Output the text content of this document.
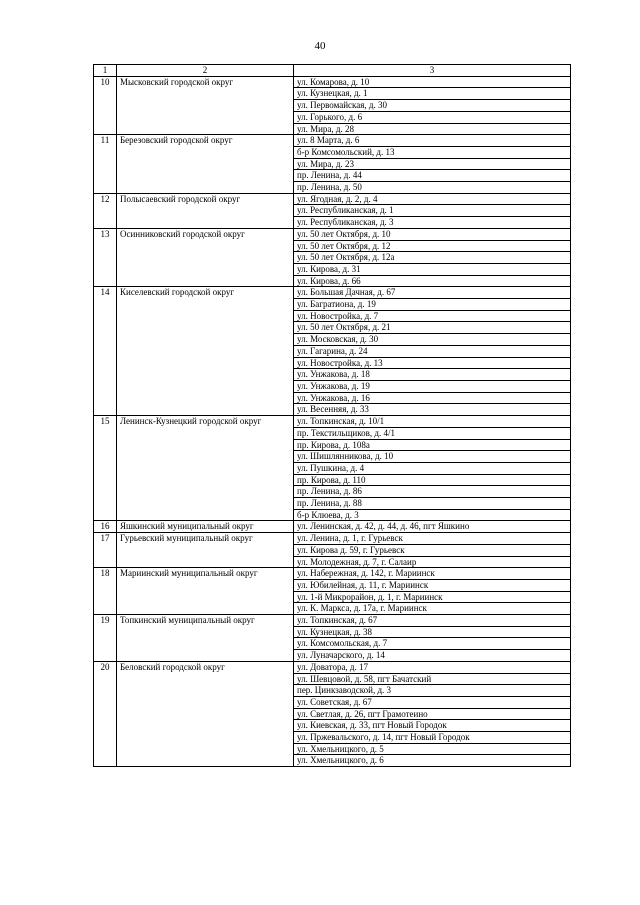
40
1	2	3
10	Мысковский городской округ	ул. Комарова, д. 10
		ул. Кузнецкая, д. 1
		ул. Первомайская, д. 30
		ул. Горького, д. 6
		ул. Мира, д. 28
11	Березовский городской округ	ул. 8 Марта, д. 6
		б-р Комсомольский, д. 13
		ул. Мира, д. 23
		пр. Ленина, д. 44
		пр. Ленина, д. 50
12	Полысаевский городской округ	ул. Ягодная, д. 2, д. 4
		ул. Республиканская, д. 1
		ул. Республиканская, д. 3
13	Осинниковский городской округ	ул. 50 лет Октября, д. 10
		ул. 50 лет Октября, д. 12
		ул. 50 лет Октября, д. 12а
		ул. Кирова, д. 31
		ул. Кирова, д. 66
14	Киселевский городской округ	ул. Большая Дачная, д. 67
		ул. Багратиона, д. 19
		ул. Новостройка, д. 7
		ул. 50 лет Октября, д. 21
		ул. Московская, д. 30
		ул. Гагарина, д. 24
		ул. Новостройка, д. 13
		ул. Унжакова, д. 18
		ул. Унжакова, д. 19
		ул. Унжакова, д. 16
		ул. Весенняя, д. 33
15	Ленинск-Кузнецкий городской округ	ул. Топкинская, д. 10/1
		пр. Текстильщиков, д. 4/1
		пр. Кирова, д. 108а
		ул. Шишлянникова, д. 10
		ул. Пушкина, д. 4
		пр. Кирова, д. 110
		пр. Ленина, д. 86
		пр. Ленина, д. 88
		б-р Клюева, д. 3
16	Яшкинский муниципальный округ	ул. Ленинская, д. 42, д. 44, д. 46, пгт Яшкино
17	Гурьевский муниципальный округ	ул. Ленина, д. 1, г. Гурьевск
		ул. Кирова д. 59, г. Гурьевск
		ул. Молодежная, д. 7, г. Салаир
18	Мариинский муниципальный округ	ул. Набережная, д. 142, г. Мариинск
		ул. Юбилейная, д. 11, г. Мариинск
		ул. 1-й Микрорайон, д. 1, г. Мариинск
		ул. К. Маркса, д. 17а, г. Мариинск
19	Топкинский муниципальный округ	ул. Топкинская, д. 67
		ул. Кузнецкая, д. 38
		ул. Комсомольская, д. 7
		ул. Луначарского, д. 14
20	Беловский городской округ	ул. Доватора, д. 17
		ул. Шевцовой, д. 58, пгт Бачатский
		пер. Цинкзаводской, д. 3
		ул. Советская, д. 67
		ул. Светлая, д. 26, пгт Грамотеино
		ул. Киевская, д. 33, пгт Новый Городок
		ул. Пржевальского, д. 14, пгт Новый Городок
		ул. Хмельницкого, д. 5
		ул. Хмельницкого, д. 6
